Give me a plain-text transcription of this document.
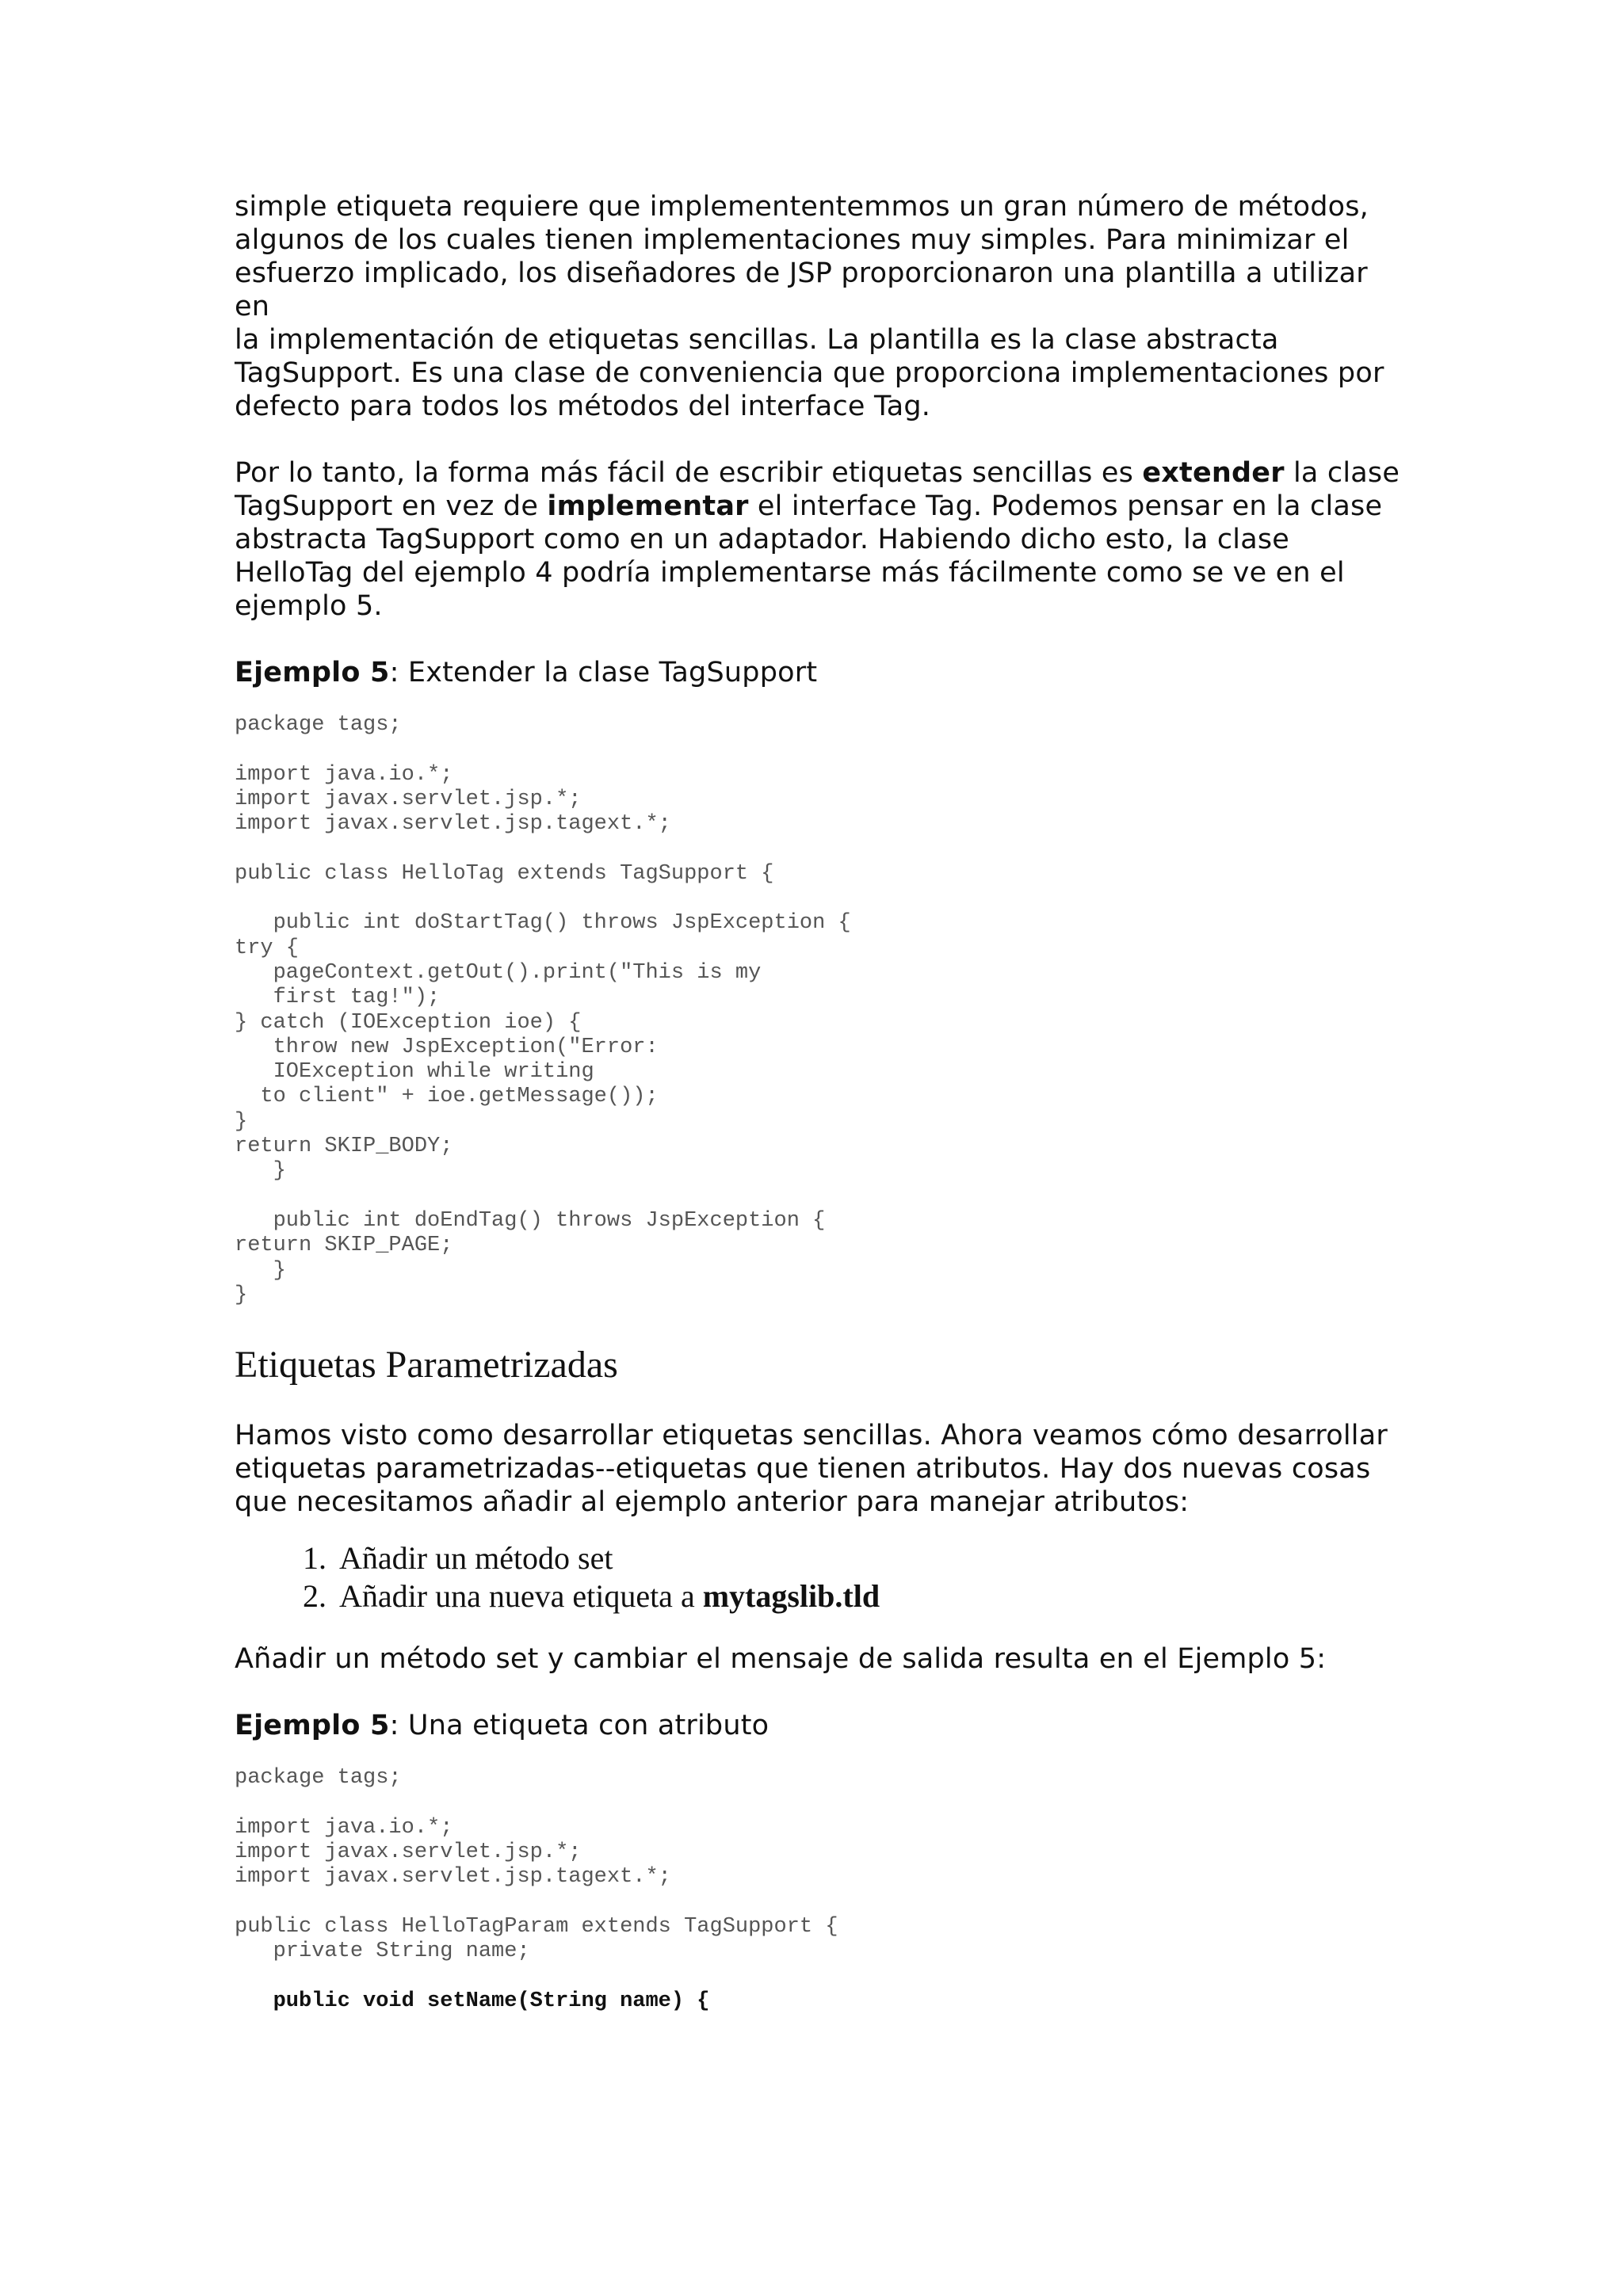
simple etiqueta requiere que implemententemmos un gran número de métodos,

algunos de los cuales tienen implementaciones muy simples. Para minimizar el

esfuerzo implicado, los diseñadores de JSP proporcionaron una plantilla a utilizar en

la implementación de etiquetas sencillas. La plantilla es la clase abstracta

TagSupport. Es una clase de conveniencia que proporciona implementaciones por

defecto para todos los métodos del interface Tag.

Por lo tanto, la forma más fácil de escribir etiquetas sencillas es extender la clase

TagSupport en vez de implementar el interface Tag. Podemos pensar en la clase

abstracta TagSupport como en un adaptador. Habiendo dicho esto, la clase

HelloTag del ejemplo 4 podría implementarse más fácilmente como se ve en el

ejemplo 5.

Ejemplo 5: Extender la clase TagSupport

package tags;

import java.io.*;
import javax.servlet.jsp.*;
import javax.servlet.jsp.tagext.*;

public class HelloTag extends TagSupport {

public int doStartTag() throws JspException {
try {
pageContext.getOut().print("This is my
first tag!");
} catch (IOException ioe) {
throw new JspException("Error:
IOException while writing
to client" + ioe.getMessage());
}
return SKIP_BODY;
}

public int doEndTag() throws JspException {
return SKIP_PAGE;
}
}
Etiquetas Parametrizadas

Hamos visto como desarrollar etiquetas sencillas. Ahora veamos cómo desarrollar

etiquetas parametrizadas--etiquetas que tienen atributos. Hay dos nuevas cosas

que necesitamos añadir al ejemplo anterior para manejar atributos:

1. Añadir un método set
2. Añadir una nueva etiqueta a mytagslib.tld

Añadir un método set y cambiar el mensaje de salida resulta en el Ejemplo 5:

Ejemplo 5: Una etiqueta con atributo

package tags;

import java.io.*;
import javax.servlet.jsp.*;
import javax.servlet.jsp.tagext.*;

public class HelloTagParam extends TagSupport {
private String name;

public void setName(String name) {
